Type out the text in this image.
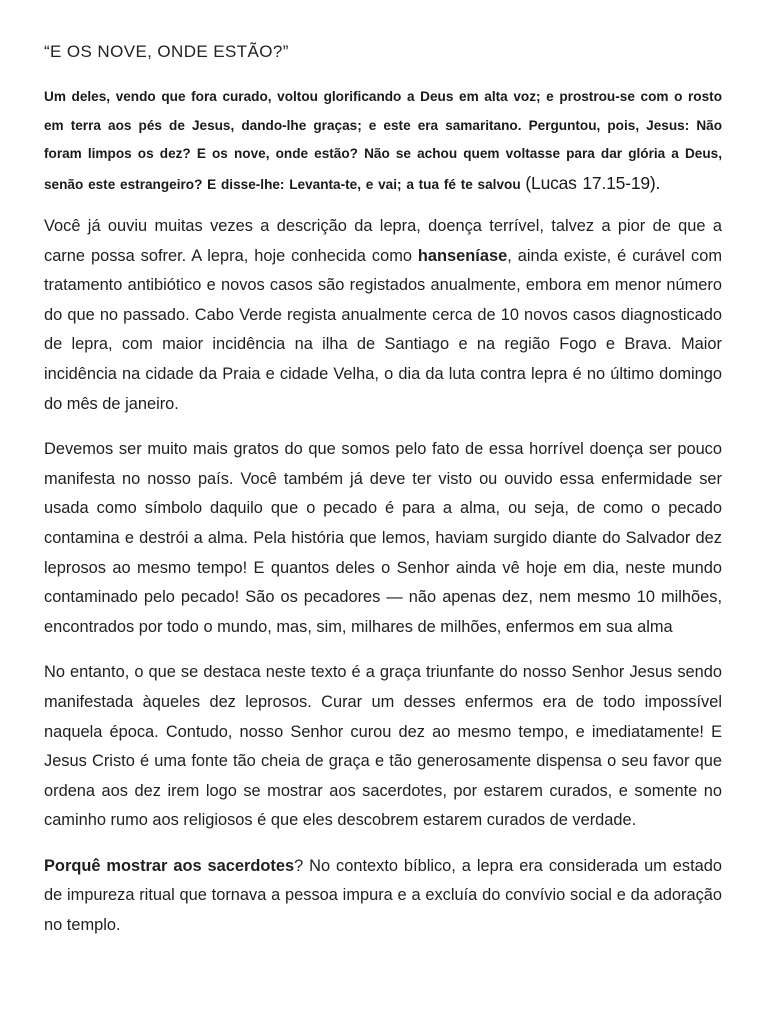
“E OS NOVE, ONDE ESTÃO?”

Um deles, vendo que fora curado, voltou glorificando a Deus em alta voz; e prostrou-se com o rosto em terra aos pés de Jesus, dando-lhe graças; e este era samaritano. Perguntou, pois, Jesus: Não foram limpos os dez? E os nove, onde estão? Não se achou quem voltasse para dar glória a Deus, senão este estrangeiro? E disse-lhe: Levanta-te, e vai; a tua fé te salvou (Lucas 17.15-19).

Você já ouviu muitas vezes a descrição da lepra, doença terrível, talvez a pior de que a carne possa sofrer. A lepra, hoje conhecida como hanseníase, ainda existe, é curável com tratamento antibiótico e novos casos são registados anualmente, embora em menor número do que no passado. Cabo Verde regista anualmente cerca de 10 novos casos diagnosticado de lepra, com maior incidência na ilha de Santiago e na região Fogo e Brava. Maior incidência na cidade da Praia e cidade Velha, o dia da luta contra lepra é no último domingo do mês de janeiro.

Devemos ser muito mais gratos do que somos pelo fato de essa horrível doença ser pouco manifesta no nosso país. Você também já deve ter visto ou ouvido essa enfermidade ser usada como símbolo daquilo que o pecado é para a alma, ou seja, de como o pecado contamina e destrói a alma. Pela história que lemos, haviam surgido diante do Salvador dez leprosos ao mesmo tempo! E quantos deles o Senhor ainda vê hoje em dia, neste mundo contaminado pelo pecado! São os pecadores — não apenas dez, nem mesmo 10 milhões, encontrados por todo o mundo, mas, sim, milhares de milhões, enfermos em sua alma

No entanto, o que se destaca neste texto é a graça triunfante do nosso Senhor Jesus sendo manifestada àqueles dez leprosos. Curar um desses enfermos era de todo impossível naquela época. Contudo, nosso Senhor curou dez ao mesmo tempo, e imediatamente! E Jesus Cristo é uma fonte tão cheia de graça e tão generosamente dispensa o seu favor que ordena aos dez irem logo se mostrar aos sacerdotes, por estarem curados, e somente no caminho rumo aos religiosos é que eles descobrem estarem curados de verdade.

Porquê mostrar aos sacerdotes? No contexto bíblico, a lepra era considerada um estado de impureza ritual que tornava a pessoa impura e a excluía do convívio social e da adoração no templo.
